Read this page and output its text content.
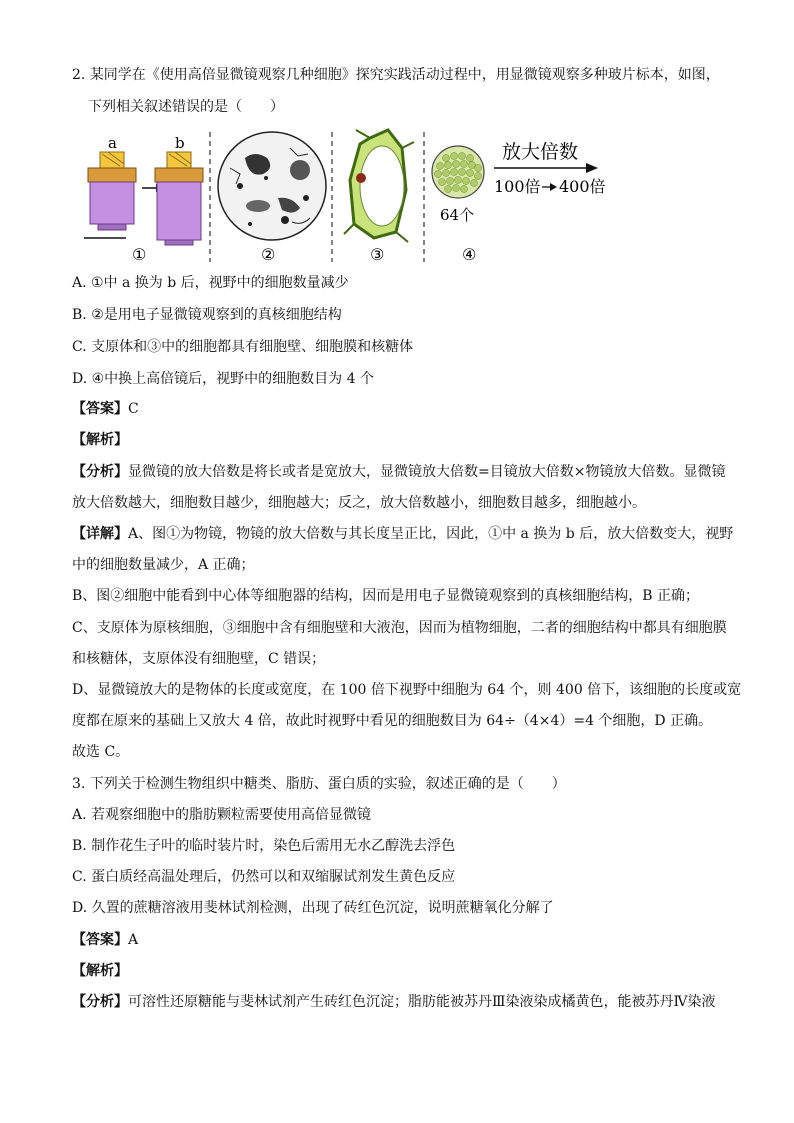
2. 某同学在《使用高倍显微镜观察几种细胞》探究实践活动过程中，用显微镜观察多种玻片标本，如图，
下列相关叙述错误的是（　　）
a	b
①	②	③
64个
放大倍数
100倍 400倍
④
A. ①中 a 换为 b 后，视野中的细胞数量减少
B. ②是用电子显微镜观察到的真核细胞结构
C. 支原体和③中的细胞都具有细胞壁、细胞膜和核糖体
D. ④中换上高倍镜后，视野中的细胞数目为 4 个
【答案】C
【解析】
【分析】显微镜的放大倍数是将长或者是宽放大，显微镜放大倍数=目镜放大倍数×物镜放大倍数。显微镜
放大倍数越大，细胞数目越少，细胞越大；反之，放大倍数越小，细胞数目越多，细胞越小。
【详解】A、图①为物镜，物镜的放大倍数与其长度呈正比，因此，①中 a 换为 b 后，放大倍数变大，视野
中的细胞数量减少，A 正确；
B、图②细胞中能看到中心体等细胞器的结构，因而是用电子显微镜观察到的真核细胞结构，B 正确；
C、支原体为原核细胞，③细胞中含有细胞壁和大液泡，因而为植物细胞，二者的细胞结构中都具有细胞膜
和核糖体，支原体没有细胞壁，C 错误；
D、显微镜放大的是物体的长度或宽度，在 100 倍下视野中细胞为 64 个，则 400 倍下，该细胞的长度或宽
度都在原来的基础上又放大 4 倍，故此时视野中看见的细胞数目为 64÷（4×4）=4 个细胞，D 正确。
故选 C。
3. 下列关于检测生物组织中糖类、脂肪、蛋白质的实验，叙述正确的是（　　）
A. 若观察细胞中的脂肪颗粒需要使用高倍显微镜
B. 制作花生子叶的临时装片时，染色后需用无水乙醇洗去浮色
C. 蛋白质经高温处理后，仍然可以和双缩脲试剂发生黄色反应
D. 久置的蔗糖溶液用斐林试剂检测，出现了砖红色沉淀，说明蔗糖氧化分解了
【答案】A
【解析】
【分析】可溶性还原糖能与斐林试剂产生砖红色沉淀；脂肪能被苏丹Ⅲ染液染成橘黄色，能被苏丹Ⅳ染液
